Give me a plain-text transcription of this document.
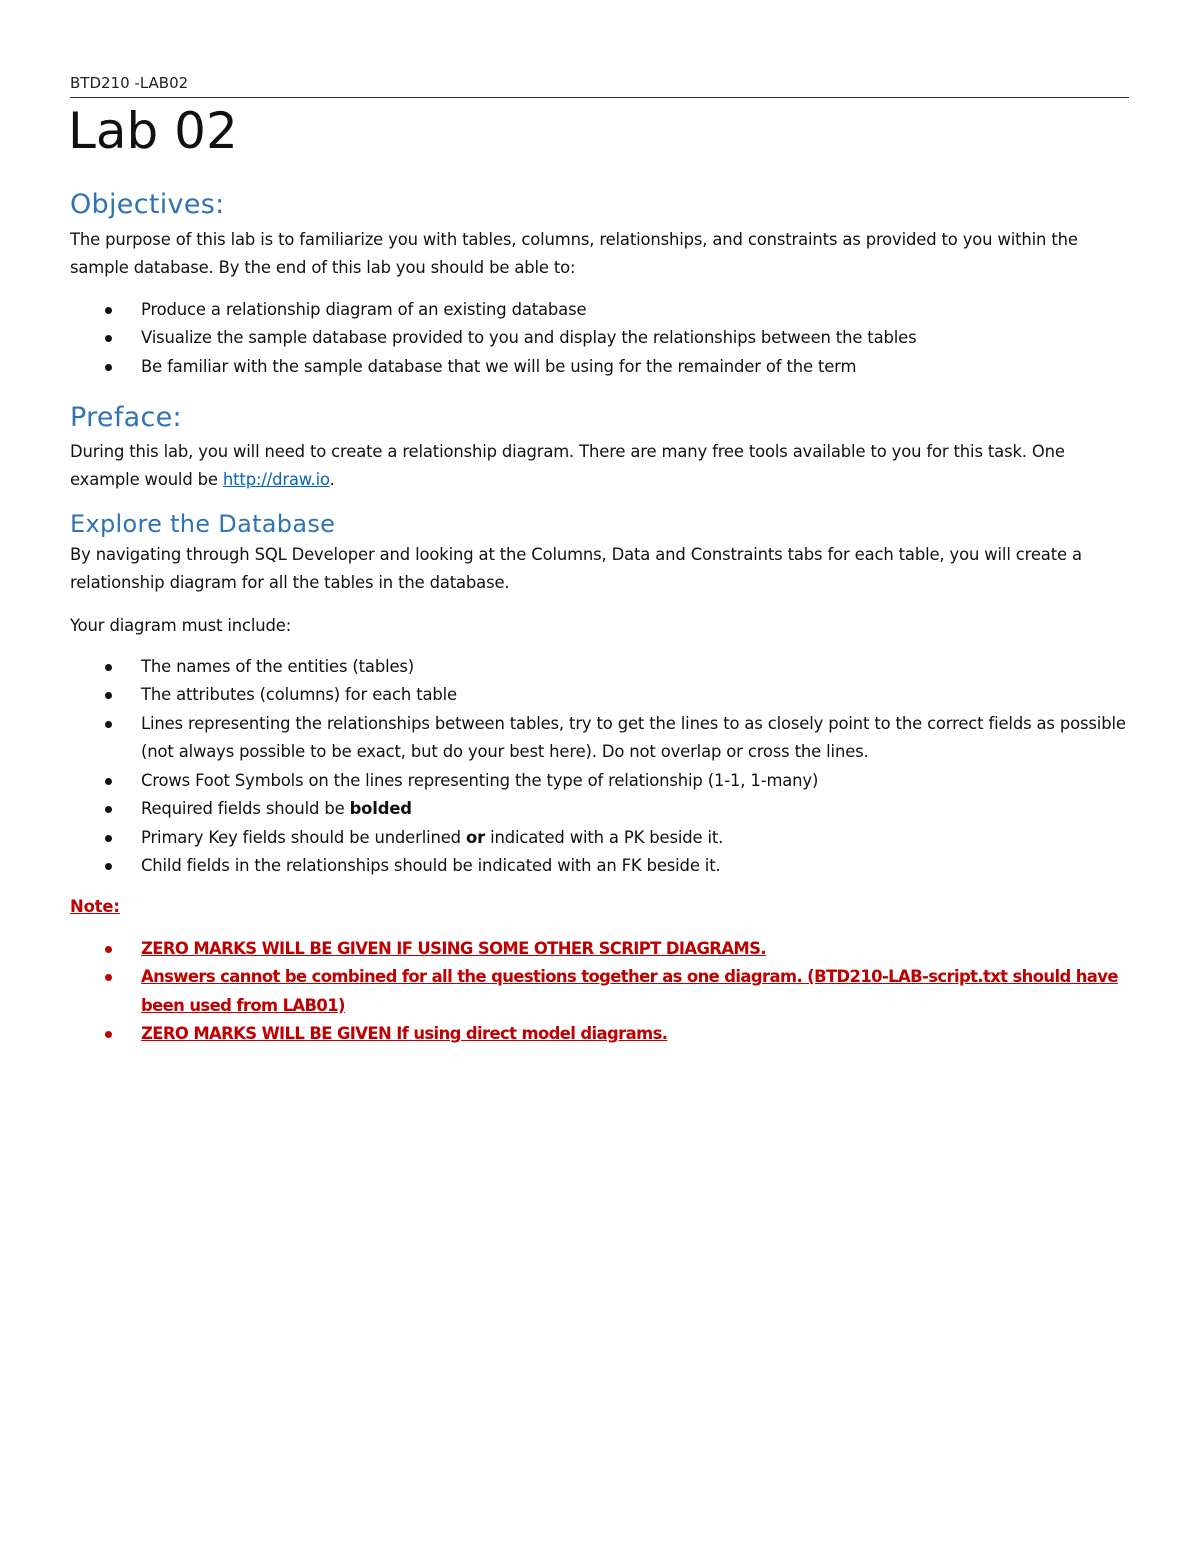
BTD210 -LAB02
Lab 02
Objectives:

The purpose of this lab is to familiarize you with tables, columns, relationships, and constraints as provided to you within the sample database. By the end of this lab you should be able to:

Produce a relationship diagram of an existing database
Visualize the sample database provided to you and display the relationships between the tables
Be familiar with the sample database that we will be using for the remainder of the term
Preface:

During this lab, you will need to create a relationship diagram. There are many free tools available to you for this task. One example would be http://draw.io.

Explore the Database

By navigating through SQL Developer and looking at the Columns, Data and Constraints tabs for each table, you will create a relationship diagram for all the tables in the database.

Your diagram must include:

The names of the entities (tables)
The attributes (columns) for each table
Lines representing the relationships between tables, try to get the lines to as closely point to the correct fields as possible (not always possible to be exact, but do your best here). Do not overlap or cross the lines.
Crows Foot Symbols on the lines representing the type of relationship (1-1, 1-many)
Required fields should be bolded
Primary Key fields should be underlined or indicated with a PK beside it.
Child fields in the relationships should be indicated with an FK beside it.
Note:
ZERO MARKS WILL BE GIVEN IF USING SOME OTHER SCRIPT DIAGRAMS.
Answers cannot be combined for all the questions together as one diagram. (BTD210-LAB-script.txt should have been used from LAB01)
ZERO MARKS WILL BE GIVEN If using direct model diagrams.
